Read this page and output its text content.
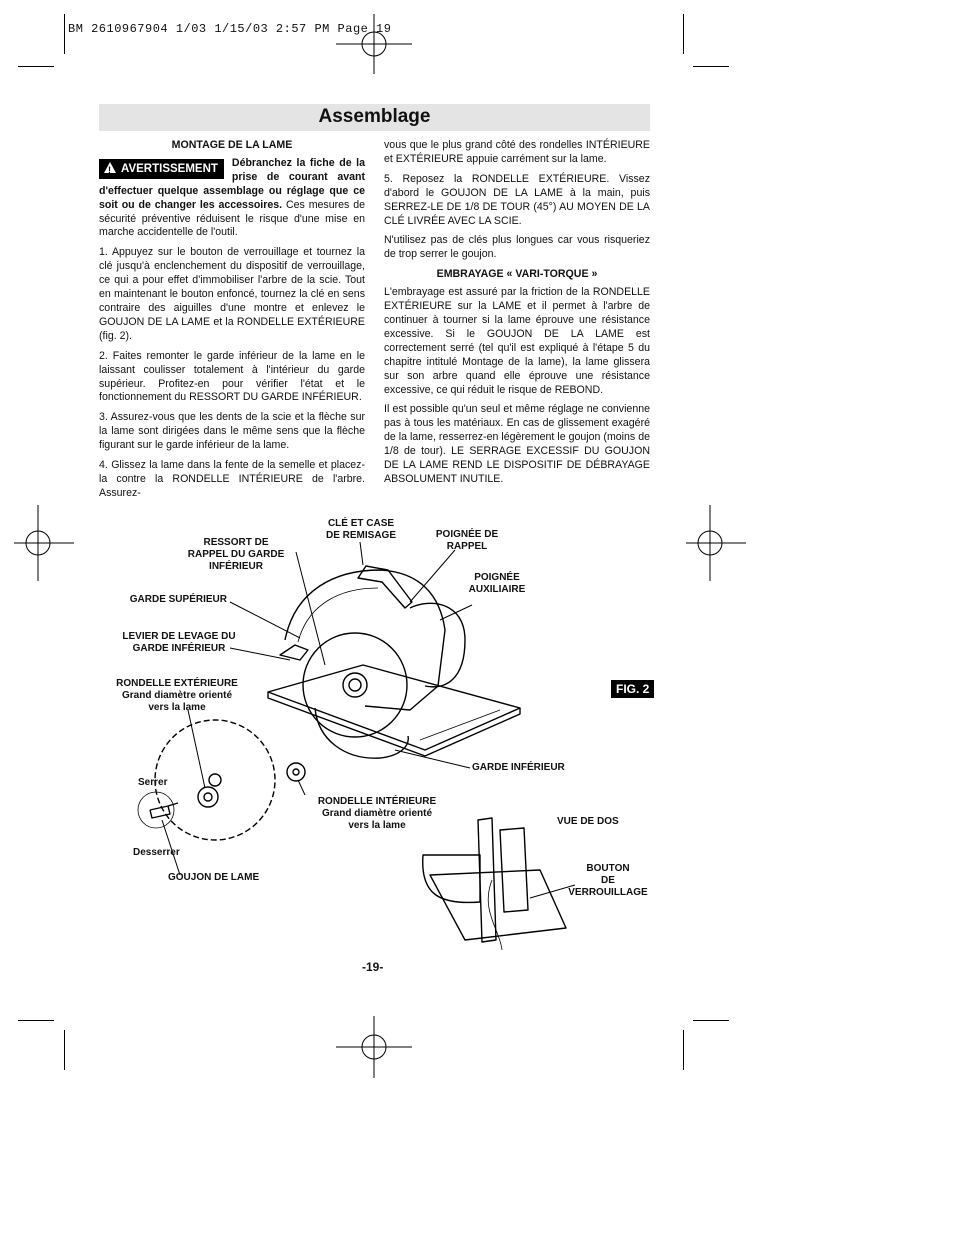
BM 2610967904 1/03 1/15/03 2:57 PM Page 19
Assemblage
MONTAGE DE LA LAME

!AVERTISSEMENT	Débranchez la fiche de la prise de courant avant d'effectuer quelque assemblage ou réglage que ce soit ou de changer les accessoires. Ces mesures de sécurité préventive réduisent le risque d'une mise en marche accidentelle de l'outil.

1. Appuyez sur le bouton de verrouillage et tournez la clé jusqu'à enclenchement du dispositif de verrouillage, ce qui a pour effet d'immobiliser l'arbre de la scie. Tout en maintenant le bouton enfoncé, tournez la clé en sens contraire des aiguilles d'une montre et enlevez le GOUJON DE LA LAME et la RONDELLE EXTÉRIEURE (fig. 2).

2. Faites remonter le garde inférieur de la lame en le laissant coulisser totalement à l'intérieur du garde supérieur. Profitez-en pour vérifier l'état et le fonctionnement du RESSORT DU GARDE INFÉRIEUR.

3. Assurez-vous que les dents de la scie et la flèche sur la lame sont dirigées dans le même sens que la flèche figurant sur le garde inférieur de la lame.

4. Glissez la lame dans la fente de la semelle et placez-la contre la RONDELLE INTÉRIEURE de l'arbre. Assurez-

vous que le plus grand côté des rondelles INTÉRIEURE et EXTÉRIEURE appuie carrément sur la lame.

5. Reposez la RONDELLE EXTÉRIEURE. Vissez d'abord le GOUJON DE LA LAME à la main, puis SERREZ-LE DE 1/8 DE TOUR (45°) AU MOYEN DE LA CLÉ LIVRÉE AVEC LA SCIE.

N'utilisez pas de clés plus longues car vous risqueriez de trop serrer le goujon.

EMBRAYAGE « VARI-TORQUE »

L'embrayage est assuré par la friction de la RONDELLE EXTÉRIEURE sur la LAME et il permet à l'arbre de continuer à tourner si la lame éprouve une résistance excessive. Si le GOUJON DE LA LAME est correctement serré (tel qu'il est expliqué à l'étape 5 du chapitre intitulé Montage de la lame), la lame glissera sur son arbre quand elle éprouve une résistance excessive, ce qui réduit le risque de REBOND.

Il est possible qu'un seul et même réglage ne convienne pas à tous les matériaux. En cas de glissement exagéré de la lame, resserrez-en légèrement le goujon (moins de 1/8 de tour). LE SERRAGE EXCESSIF DU GOUJON DE LA LAME REND LE DISPOSITIF DE DÉBRAYAGE ABSOLUMENT INUTILE.

CLÉ ET CASE
DE REMISAGE	POIGNÉE DE
RAPPEL
RESSORT DE
RAPPEL DU GARDE
INFÉRIEUR
POIGNÉE
AUXILIAIRE
GARDE SUPÉRIEUR
LEVIER DE LEVAGE DU
GARDE INFÉRIEUR
RONDELLE EXTÉRIEURE
Grand diamètre orienté
vers la lame
FIG. 2
Serrer
GARDE INFÉRIEUR
RONDELLE INTÉRIEURE
Grand diamètre orienté
vers la lame	VUE DE DOS
Desserrer
BOUTON
DE
VERROUILLAGE
GOUJON DE LAME
-19-
